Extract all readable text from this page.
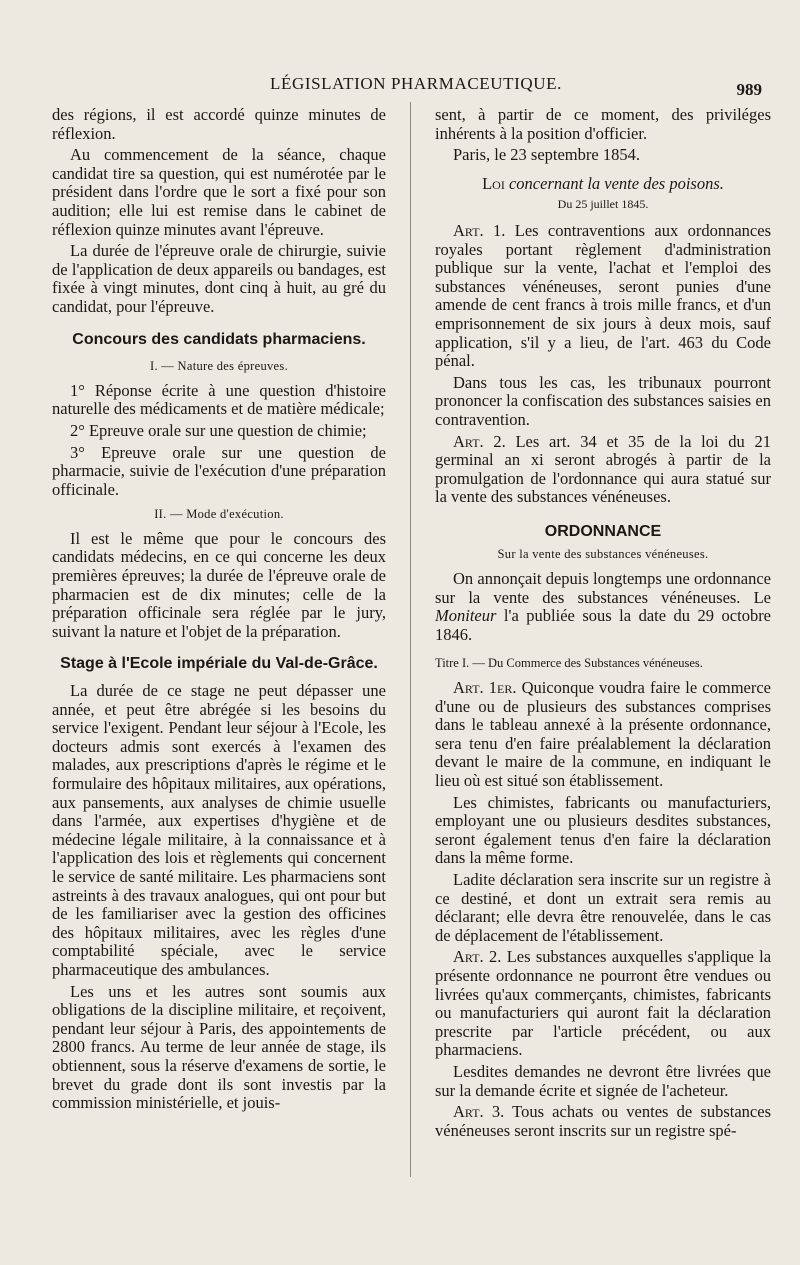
LÉGISLATION PHARMACEUTIQUE.	989

des régions, il est accordé quinze minutes de réflexion.

Au commencement de la séance, chaque candidat tire sa question, qui est numérotée par le président dans l'ordre que le sort a fixé pour son audition; elle lui est remise dans le cabinet de réflexion quinze minutes avant l'épreuve.

La durée de l'épreuve orale de chirurgie, suivie de l'application de deux appareils ou bandages, est fixée à vingt minutes, dont cinq à huit, au gré du candidat, pour l'épreuve.

Concours des candidats pharmaciens.
I. — Nature des épreuves.

1° Réponse écrite à une question d'histoire naturelle des médicaments et de matière médicale;

2° Epreuve orale sur une question de chimie;

3° Epreuve orale sur une question de pharmacie, suivie de l'exécution d'une préparation officinale.

II. — Mode d'exécution.

Il est le même que pour le concours des candidats médecins, en ce qui concerne les deux premières épreuves; la durée de l'épreuve orale de pharmacien est de dix minutes; celle de la préparation officinale sera réglée par le jury, suivant la nature et l'objet de la préparation.

Stage à l'Ecole impériale du Val-de-Grâce.

La durée de ce stage ne peut dépasser une année, et peut être abrégée si les besoins du service l'exigent. Pendant leur séjour à l'Ecole, les docteurs admis sont exercés à l'examen des malades, aux prescriptions d'après le régime et le formulaire des hôpitaux militaires, aux opérations, aux pansements, aux analyses de chimie usuelle dans l'armée, aux expertises d'hygiène et de médecine légale militaire, à la connaissance et à l'application des lois et règlements qui concernent le service de santé militaire. Les pharmaciens sont astreints à des travaux analogues, qui ont pour but de les familiariser avec la gestion des officines des hôpitaux militaires, avec les règles d'une comptabilité spéciale, avec le service pharmaceutique des ambulances.

Les uns et les autres sont soumis aux obligations de la discipline militaire, et reçoivent, pendant leur séjour à Paris, des appointements de 2800 francs. Au terme de leur année de stage, ils obtiennent, sous la réserve d'examens de sortie, le brevet du grade dont ils sont investis par la commission ministérielle, et jouis-

sent, à partir de ce moment, des priviléges inhérents à la position d'officier.

Paris, le 23 septembre 1854.

Loi concernant la vente des poisons.
Du 25 juillet 1845.

Art. 1. Les contraventions aux ordonnances royales portant règlement d'administration publique sur la vente, l'achat et l'emploi des substances vénéneuses, seront punies d'une amende de cent francs à trois mille francs, et d'un emprisonnement de six jours à deux mois, sauf application, s'il y a lieu, de l'art. 463 du Code pénal.

Dans tous les cas, les tribunaux pourront prononcer la confiscation des substances saisies en contravention.

Art. 2. Les art. 34 et 35 de la loi du 21 germinal an xi seront abrogés à partir de la promulgation de l'ordonnance qui aura statué sur la vente des substances vénéneuses.

ORDONNANCE
Sur la vente des substances vénéneuses.

On annonçait depuis longtemps une ordonnance sur la vente des substances vénéneuses. Le Moniteur l'a publiée sous la date du 29 octobre 1846.

Titre I. — Du Commerce des Substances vénéneuses.

Art. 1er. Quiconque voudra faire le commerce d'une ou de plusieurs des substances comprises dans le tableau annexé à la présente ordonnance, sera tenu d'en faire préalablement la déclaration devant le maire de la commune, en indiquant le lieu où est situé son établissement.

Les chimistes, fabricants ou manufacturiers, employant une ou plusieurs desdites substances, seront également tenus d'en faire la déclaration dans la même forme.

Ladite déclaration sera inscrite sur un registre à ce destiné, et dont un extrait sera remis au déclarant; elle devra être renouvelée, dans le cas de déplacement de l'établissement.

Art. 2. Les substances auxquelles s'applique la présente ordonnance ne pourront être vendues ou livrées qu'aux commerçants, chimistes, fabricants ou manufacturiers qui auront fait la déclaration prescrite par l'article précédent, ou aux pharmaciens.

Lesdites demandes ne devront être livrées que sur la demande écrite et signée de l'acheteur.

Art. 3. Tous achats ou ventes de substances vénéneuses seront inscrits sur un registre spé-
